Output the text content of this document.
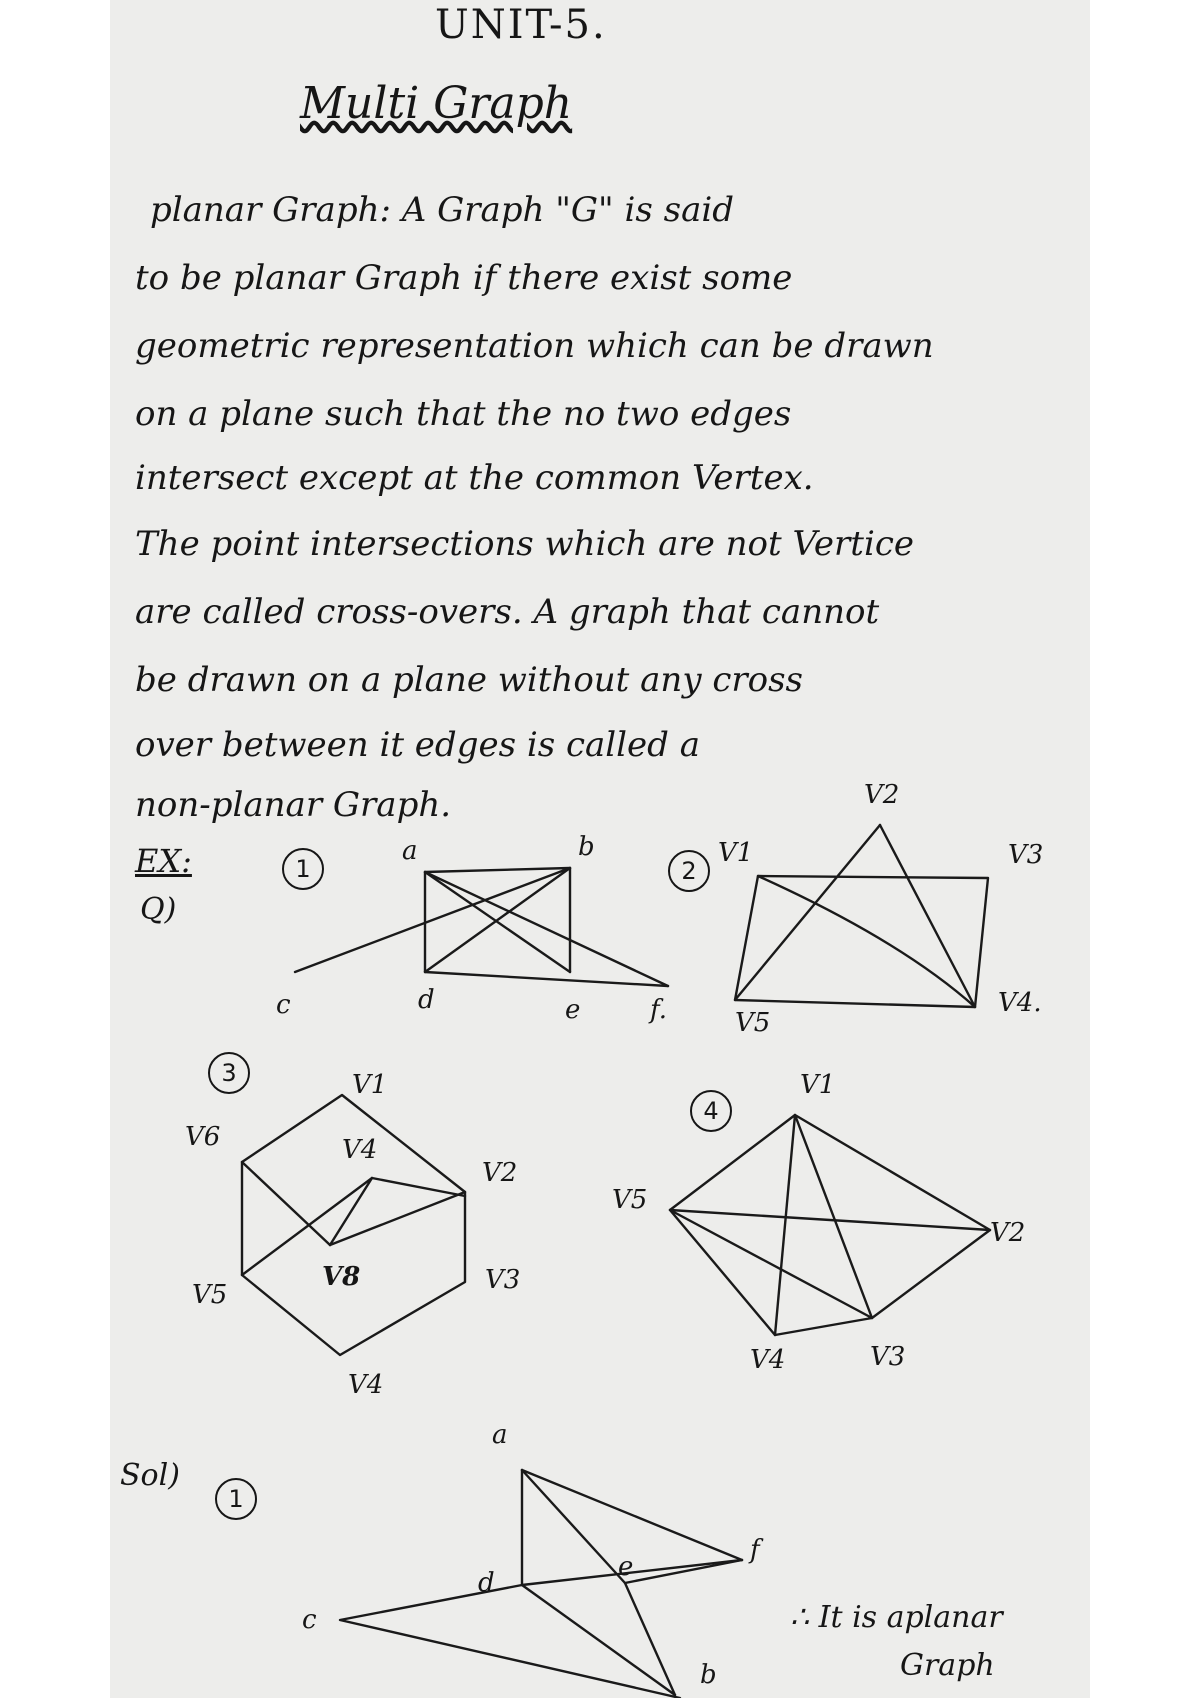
UNIT-5.
Multi Graph
planar Graph: A Graph "G" is said
to be planar Graph if there exist some
geometric representation which can be drawn
on a plane such that the no two edges
intersect except at the common Vertex.
The point intersections which are not Vertice
are called cross-overs. A graph that cannot
be drawn on a plane without any cross
over between it edges is called a
non-planar Graph.
EX:
Q)
1	2
3
4
Sol)
1
a	b
c	d	e	f.
V1
V2
V3
V4.
V5
V1
V6	V4
V2
V8	V3
V5
V4
V1
V5
V2
V4	V3
a
d
e
f
c
b
∴ It is aplanar
Graph
